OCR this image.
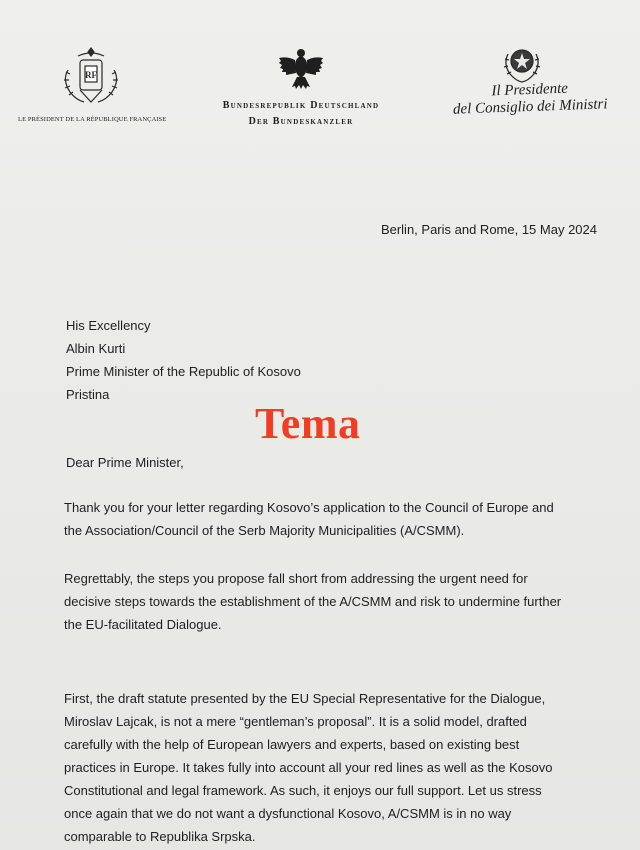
RF
LE PRÉSIDENT DE LA RÉPUBLIQUE FRANÇAISE
Bundesrepublik Deutschland
Der Bundeskanzler
Il Presidente
del Consiglio dei Ministri
Berlin, Paris and Rome, 15 May 2024
His Excellency
Albin Kurti
Prime Minister of the Republic of Kosovo
Pristina
Tema
Dear Prime Minister,
Thank you for your letter regarding Kosovo’s application to the Council of Europe and
the Association/Council of the Serb Majority Municipalities (A/CSMM).
Regrettably, the steps you propose fall short from addressing the urgent need for
decisive steps towards the establishment of the A/CSMM and risk to undermine further
the EU-facilitated Dialogue.
First, the draft statute presented by the EU Special Representative for the Dialogue,
Miroslav Lajcak, is not a mere “gentleman’s proposal”. It is a solid model, drafted
carefully with the help of European lawyers and experts, based on existing best
practices in Europe. It takes fully into account all your red lines as well as the Kosovo
Constitutional and legal framework. As such, it enjoys our full support. Let us stress
once again that we do not want a dysfunctional Kosovo, A/CSMM is in no way
comparable to Republika Srpska.
